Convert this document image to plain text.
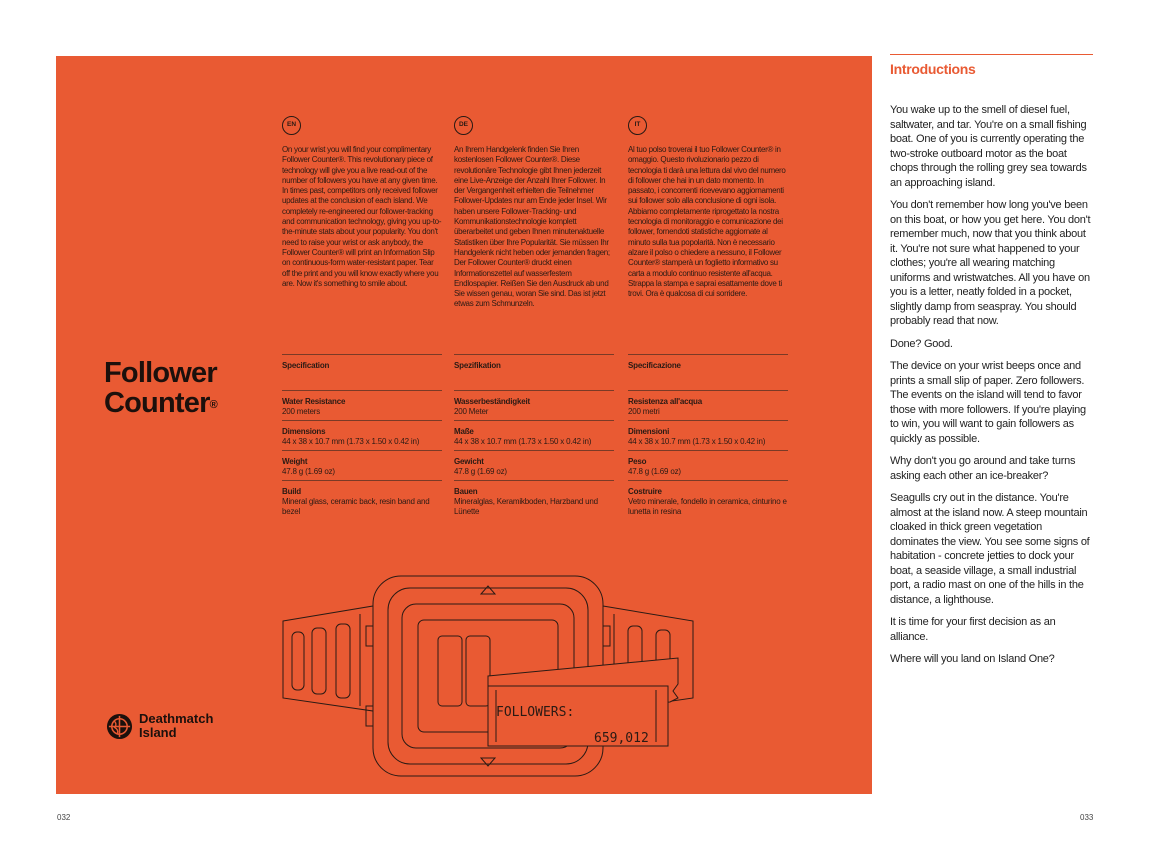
EN
On your wrist you will find your complimentary Follower Counter®. This revolutionary piece of technology will give you a live read-out of the number of followers you have at any given time. In times past, competitors only received follower updates at the conclusion of each island. We completely re-engineered our follower-tracking and communication technology, giving you up-to-the-minute stats about your popularity. You don't need to raise your wrist or ask anybody, the Follower Counter® will print an Information Slip on continuous-form water-resistant paper. Tear off the print and you will know exactly where you are. Now it's something to smile about.
DE
An Ihrem Handgelenk finden Sie Ihren kostenlosen Follower Counter®. Diese revolutionäre Technologie gibt Ihnen jederzeit eine Live-Anzeige der Anzahl Ihrer Follower. In der Vergangenheit erhielten die Teilnehmer Follower-Updates nur am Ende jeder Insel. Wir haben unsere Follower-Tracking- und Kommunikationstechnologie komplett überarbeitet und geben Ihnen minutenaktuelle Statistiken über Ihre Popularität. Sie müssen Ihr Handgelenk nicht heben oder jemanden fragen; Der Follower Counter® druckt einen Informationszettel auf wasserfestem Endlospapier. Reißen Sie den Ausdruck ab und Sie wissen genau, woran Sie sind. Das ist jetzt etwas zum Schmunzeln.
IT
Al tuo polso troverai il tuo Follower Counter® in omaggio. Questo rivoluzionario pezzo di tecnologia ti darà una lettura dal vivo del numero di follower che hai in un dato momento. In passato, i concorrenti ricevevano aggiornamenti sui follower solo alla conclusione di ogni isola. Abbiamo completamente riprogettato la nostra tecnologia di monitoraggio e comunicazione dei follower, fornendoti statistiche aggiornate al minuto sulla tua popolarità. Non è necessario alzare il polso o chiedere a nessuno, il Follower Counter® stamperà un foglietto informativo su carta a modulo continuo resistente all'acqua. Strappa la stampa e saprai esattamente dove ti trovi. Ora è qualcosa di cui sorridere.
Follower
Counter®
Specification
Water Resistance
200 meters
Dimensions
44 x 38 x 10.7 mm (1.73 x 1.50 x 0.42 in)
Weight
47.8 g (1.69 oz)
Build
Mineral glass, ceramic back, resin band and bezel
Spezifikation
Wasserbeständigkeit
200 Meter
Maße
44 x 38 x 10.7 mm (1.73 x 1.50 x 0.42 in)
Gewicht
47.8 g (1.69 oz)
Bauen
Mineralglas, Keramikboden, Harzband und Lünette
Specificazione
Resistenza all'acqua
200 metri
Dimensioni
44 x 38 x 10.7 mm (1.73 x 1.50 x 0.42 in)
Peso
47.8 g (1.69 oz)
Costruire
Vetro minerale, fondello in ceramica, cinturino e lunetta in resina
FOLLOWERS:
659,012
Deathmatch
Island
Introductions

You wake up to the smell of diesel fuel, saltwater, and tar. You're on a small fishing boat. One of you is currently operating the two-stroke outboard motor as the boat chops through the rolling grey sea towards an approaching island.

You don't remember how long you've been on this boat, or how you get here. You don't remember much, now that you think about it. You're not sure what happened to your clothes; you're all wearing matching uniforms and wristwatches. All you have on you is a letter, neatly folded in a pocket, slightly damp from seaspray. You should probably read that now.

Done? Good.

The device on your wrist beeps once and prints a small slip of paper. Zero followers. The events on the island will tend to favor those with more followers. If you're playing to win, you will want to gain followers as quickly as possible.

Why don't you go around and take turns asking each other an ice-breaker?

Seagulls cry out in the distance. You're almost at the island now. A steep mountain cloaked in thick green vegetation dominates the view. You see some signs of habitation - concrete jetties to dock your boat, a seaside village, a small industrial port, a radio mast on one of the hills in the distance, a lighthouse.

It is time for your first decision as an alliance.

Where will you land on Island One?

032	033
